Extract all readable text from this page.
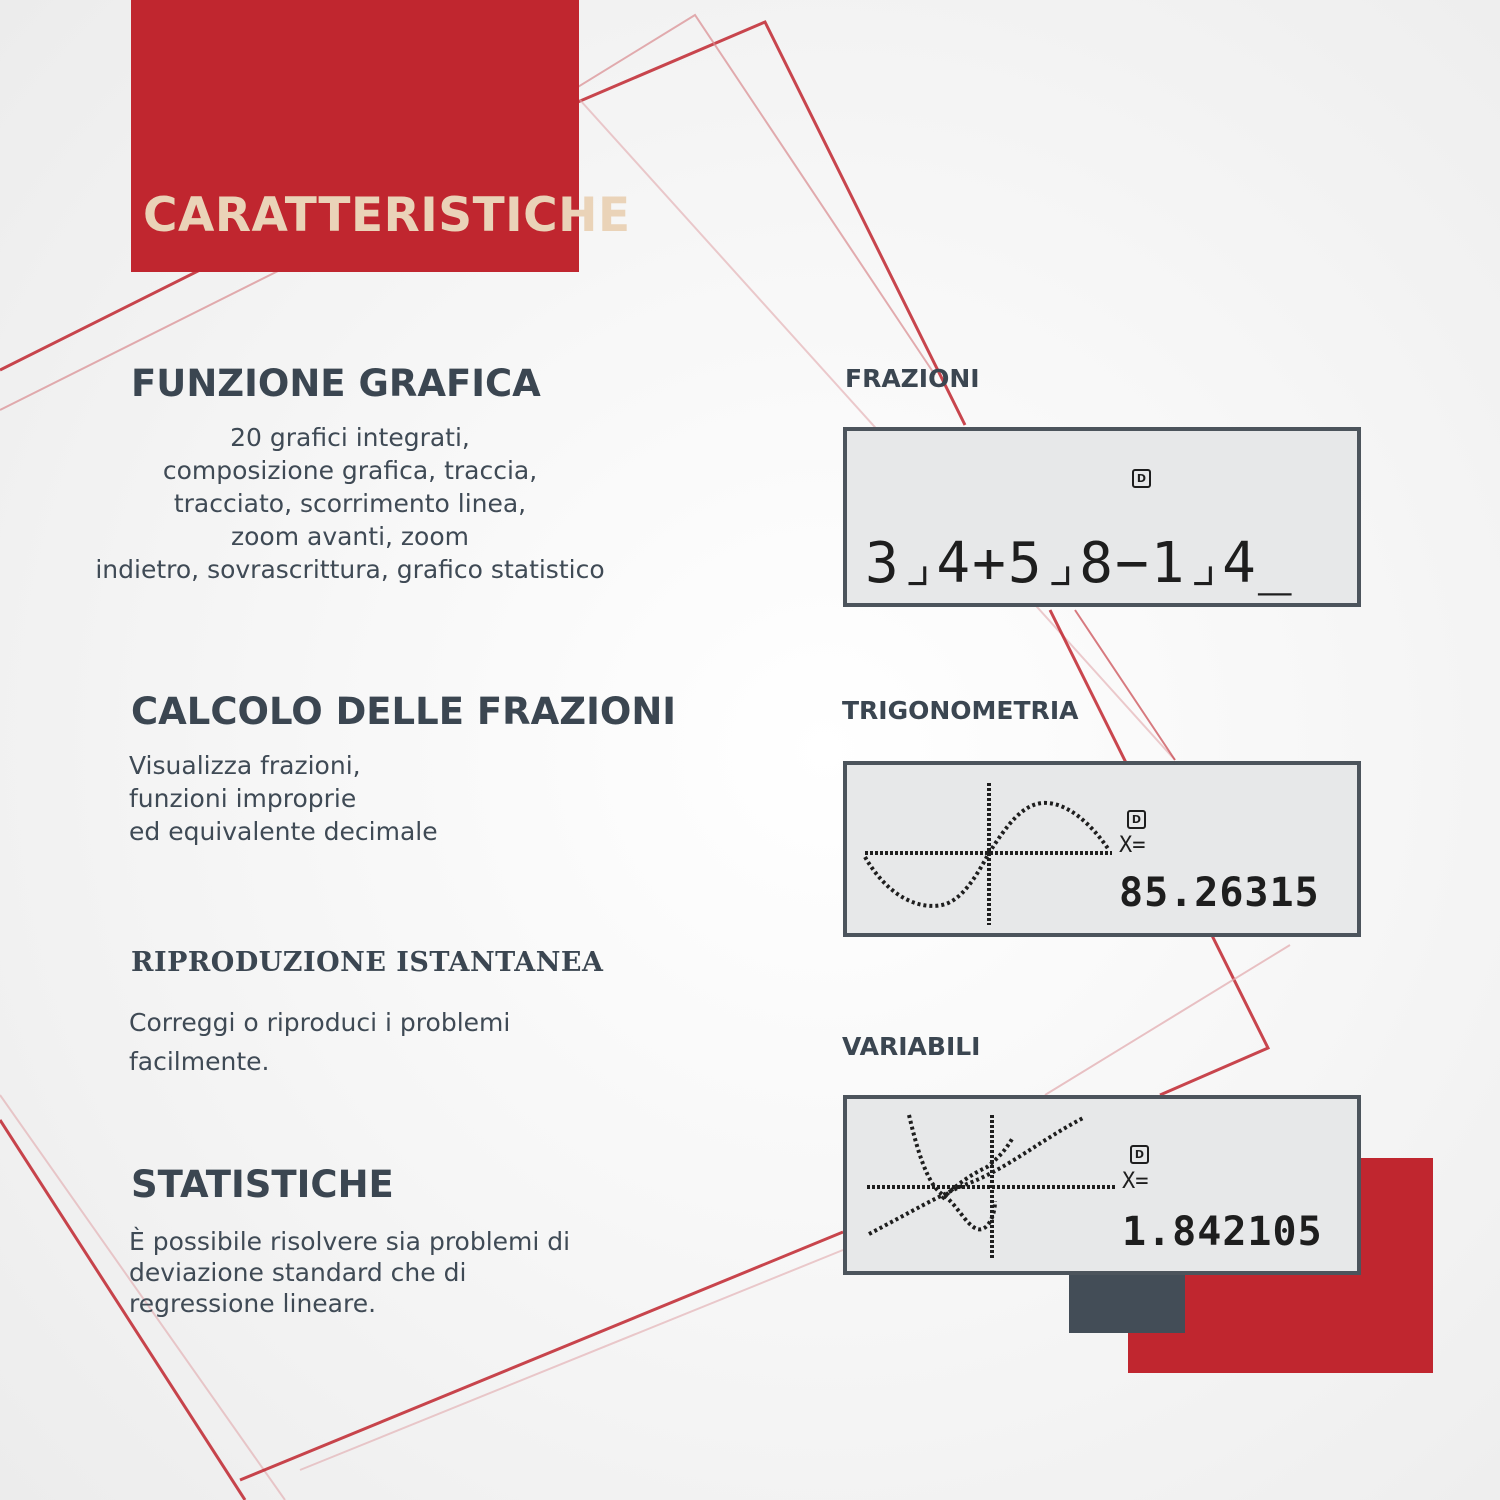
CARATTERISTICHE
FUNZIONE GRAFICA
20 grafici integrati,
composizione grafica, traccia,
tracciato, scorrimento linea,
zoom avanti, zoom
indietro, sovrascrittura, grafico statistico
CALCOLO DELLE FRAZIONI
Visualizza frazioni,
funzioni improprie
ed equivalente decimale
RIPRODUZIONE ISTANTANEA
Correggi o riproduci i problemi
facilmente.
STATISTICHE
È possibile risolvere sia problemi di
deviazione standard che di
regressione lineare.
FRAZIONI
D
3⌟4+5⌟8−1⌟4_
TRIGONOMETRIA
D
X=
85.26315
VARIABILI
D
X=
1.842105
